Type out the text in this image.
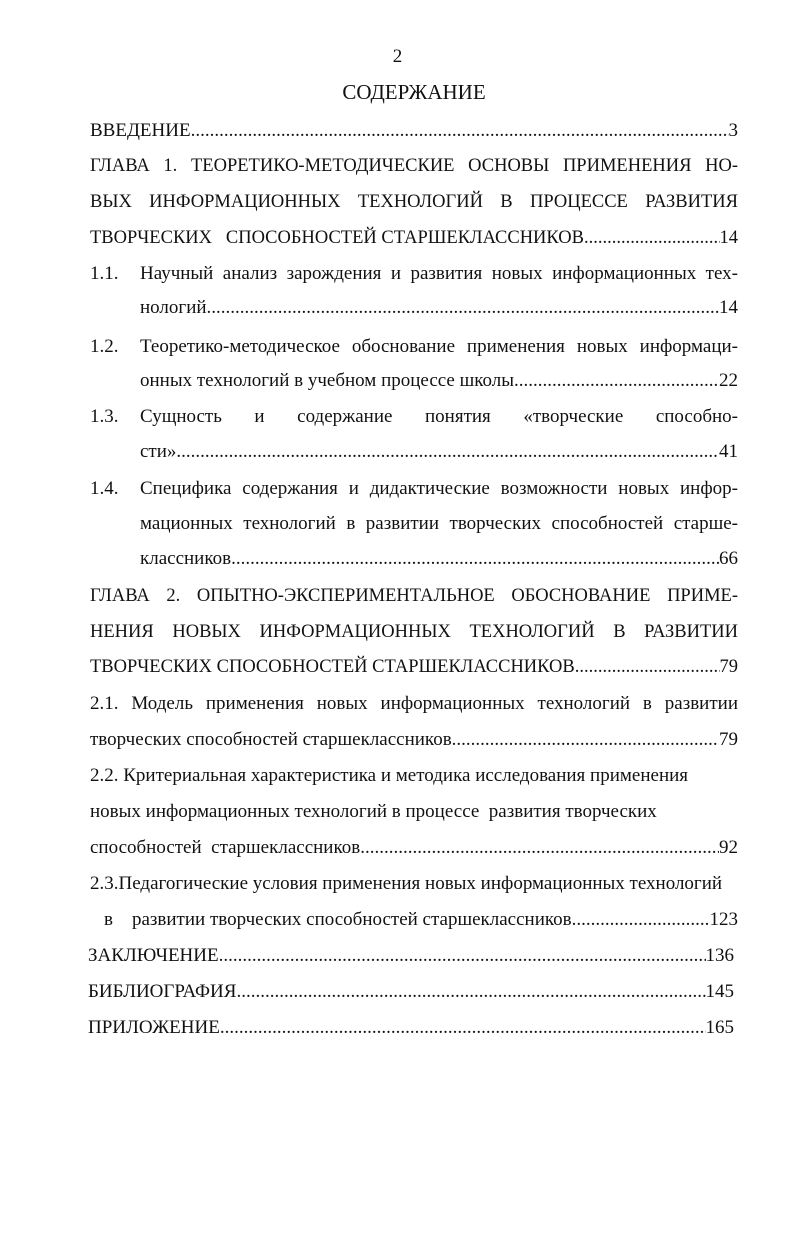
2
СОДЕРЖАНИЕ
ВВЕДЕНИЕ .....	3
ГЛАВА 1. ТЕОРЕТИКО-МЕТОДИЧЕСКИЕ ОСНОВЫ ПРИМЕНЕНИЯ НО-
ВЫХ ИНФОРМАЦИОННЫХ ТЕХНОЛОГИЙ В ПРОЦЕССЕ РАЗВИТИЯ
ТВОРЧЕСКИХ   СПОСОБНОСТЕЙ СТАРШЕКЛАССНИКОВ .....	14
1.1. Научный анализ зарождения и развития новых информационных тех-
нологий .....	14
1.2. Теоретико-методическое обоснование применения новых информаци-
онных технологий в учебном процессе школы .....	22
1.3. Сущность и содержание понятия «творческие способно-
сти» .....	41
1.4. Специфика содержания и дидактические возможности новых инфор-
мационных технологий в развитии творческих способностей старше-
классников .....	66
ГЛАВА 2. ОПЫТНО-ЭКСПЕРИМЕНТАЛЬНОЕ ОБОСНОВАНИЕ ПРИМЕ-
НЕНИЯ НОВЫХ ИНФОРМАЦИОННЫХ ТЕХНОЛОГИЙ В РАЗВИТИИ
ТВОРЧЕСКИХ СПОСОБНОСТЕЙ СТАРШЕКЛАССНИКОВ .....	79
2.1. Модель применения новых информационных технологий в развитии
творческих способностей старшеклассников .....	79
2.2. Критериальная характеристика и методика исследования применения
новых информационных технологий в процессе  развития творческих
способностей  старшеклассников .....	92
2.3.Педагогические условия применения новых информационных технологий
в    развитии творческих способностей старшеклассников .....	123
ЗАКЛЮЧЕНИЕ .....	136
БИБЛИОГРАФИЯ .....	145
ПРИЛОЖЕНИЕ .....	165
